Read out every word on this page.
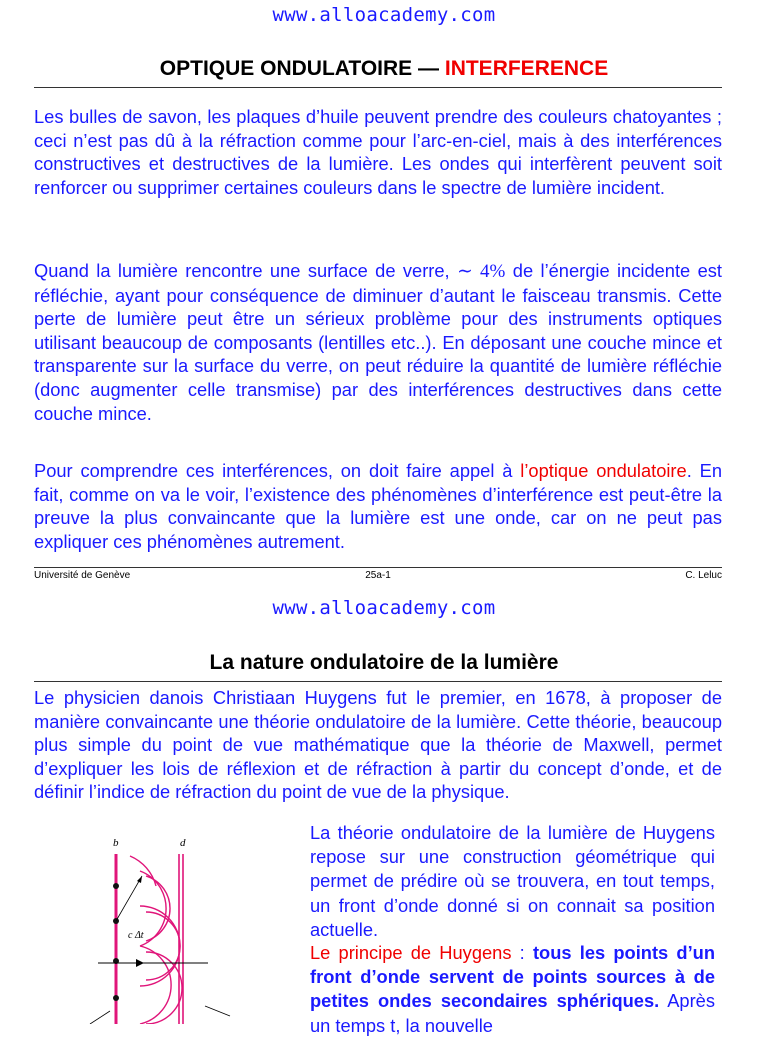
www.alloacademy.com
OPTIQUE ONDULATOIRE — INTERFERENCE

Les bulles de savon, les plaques d’huile peuvent prendre des couleurs chatoyantes ; ceci n’est pas dû à la réfraction comme pour l’arc-en-ciel, mais à des interférences constructives et destructives de la lumière. Les ondes qui interfèrent peuvent soit renforcer ou supprimer certaines couleurs dans le spectre de lumière incident.

Quand la lumière rencontre une surface de verre, ∼ 4% de l’énergie incidente est réfléchie, ayant pour conséquence de diminuer d’autant le faisceau transmis. Cette perte de lumière peut être un sérieux problème pour des instruments optiques utilisant beaucoup de composants (lentilles etc..). En déposant une couche mince et transparente sur la surface du verre, on peut réduire la quantité de lumière réfléchie (donc augmenter celle transmise) par des interférences destructives dans cette couche mince.

Pour comprendre ces interférences, on doit faire appel à l’optique ondulatoire. En fait, comme on va le voir, l’existence des phénomènes d’interférence est peut-être la preuve la plus convaincante que la lumière est une onde, car on ne peut pas expliquer ces phénomènes autrement.

Université de Genève	25a-1	C. Leluc
www.alloacademy.com
La nature ondulatoire de la lumière

Le physicien danois Christiaan Huygens fut le premier, en 1678, à proposer de manière convaincante une théorie ondulatoire de la lumière. Cette théorie, beaucoup plus simple du point de vue mathématique que la théorie de Maxwell, permet d’expliquer les lois de réflexion et de réfraction à partir du concept d’onde, et de définir l’indice de réfraction du point de vue de la physique.

b	d
c Δt

La théorie ondulatoire de la lumière de Huygens repose sur une construction géométrique qui permet de prédire où se trouvera, en tout temps, un front d’onde donné si on connait sa position actuelle.

Le principe de Huygens : tous les points d’un front d’onde servent de points sources à de petites ondes secondaires sphériques. Après un temps t, la nouvelle
